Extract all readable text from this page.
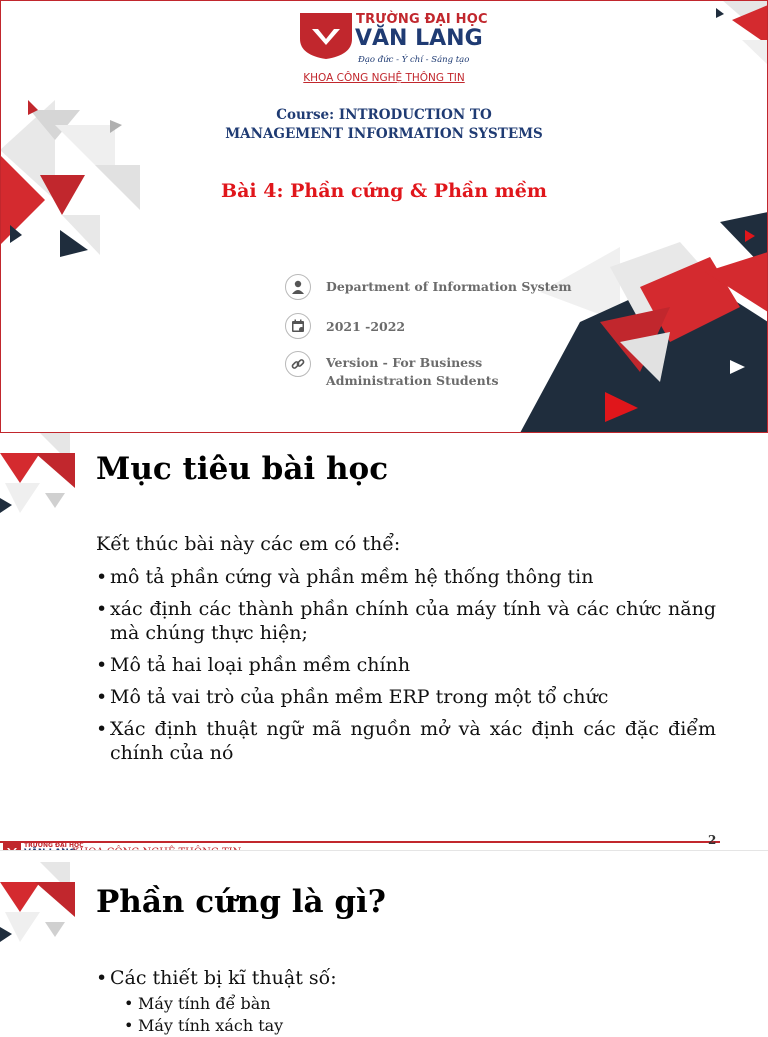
TRƯỜNG ĐẠI HỌC
VĂN LANG
Đạo đức - Ý chí - Sáng tạo
KHOA CÔNG NGHỆ THÔNG TIN
Course: INTRODUCTION TO
MANAGEMENT INFORMATION SYSTEMS
Bài 4: Phần cứng & Phần mềm
Department of Information System
2021 -2022
Version - For Business Administration Students
Mục tiêu bài học
Kết thúc bài này các em có thể:
• mô tả phần cứng và phần mềm hệ thống thông tin
• xác định các thành phần chính của máy tính và các chức năng mà chúng thực hiện;
• Mô tả hai loại phần mềm chính
• Mô tả vai trò của phần mềm ERP trong một tổ chức
• Xác định thuật ngữ mã nguồn mở và xác định các đặc điểm chính của nó
TRƯỜNG ĐẠI HỌC	2
Phần cứng là gì?
• Các thiết bị kĩ thuật số:
• Máy tính để bàn
• Máy tính xách tay
